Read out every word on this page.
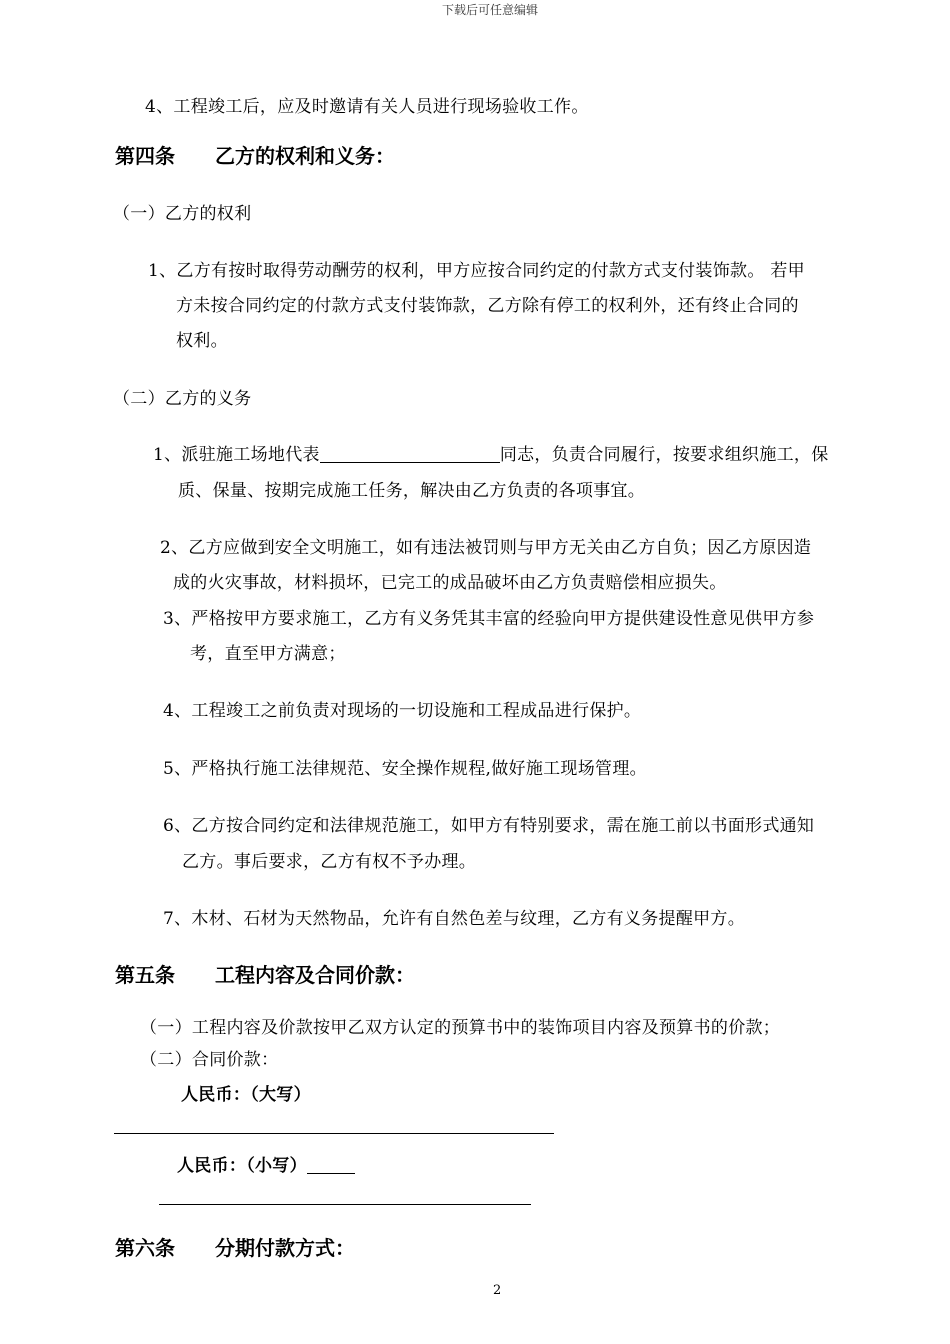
下载后可任意编辑
4、工程竣工后，应及时邀请有关人员进行现场验收工作。
第四条 乙方的权利和义务：
（一）乙方的权利
1、乙方有按时取得劳动酬劳的权利，甲方应按合同约定的付款方式支付装饰款。 若甲
方未按合同约定的付款方式支付装饰款，乙方除有停工的权利外，还有终止合同的
权利。
（二）乙方的义务
1、派驻施工场地代表	同志，负责合同履行，按要求组织施工，保
质、保量、按期完成施工任务，解决由乙方负责的各项事宜。
2、乙方应做到安全文明施工，如有违法被罚则与甲方无关由乙方自负；因乙方原因造
成的火灾事故，材料损坏，已完工的成品破坏由乙方负责赔偿相应损失。
3、严格按甲方要求施工，乙方有义务凭其丰富的经验向甲方提供建设性意见供甲方参
考，直至甲方满意；
4、工程竣工之前负责对现场的一切设施和工程成品进行保护。
5、严格执行施工法律规范、安全操作规程,做好施工现场管理。
6、乙方按合同约定和法律规范施工，如甲方有特别要求，需在施工前以书面形式通知
乙方。事后要求，乙方有权不予办理。
7、木材、石材为天然物品，允许有自然色差与纹理，乙方有义务提醒甲方。
第五条 工程内容及合同价款：
（一）工程内容及价款按甲乙双方认定的预算书中的装饰项目内容及预算书的价款；
（二）合同价款：
人民币：（大写）
人民币：（小写）
第六条 分期付款方式：
2
